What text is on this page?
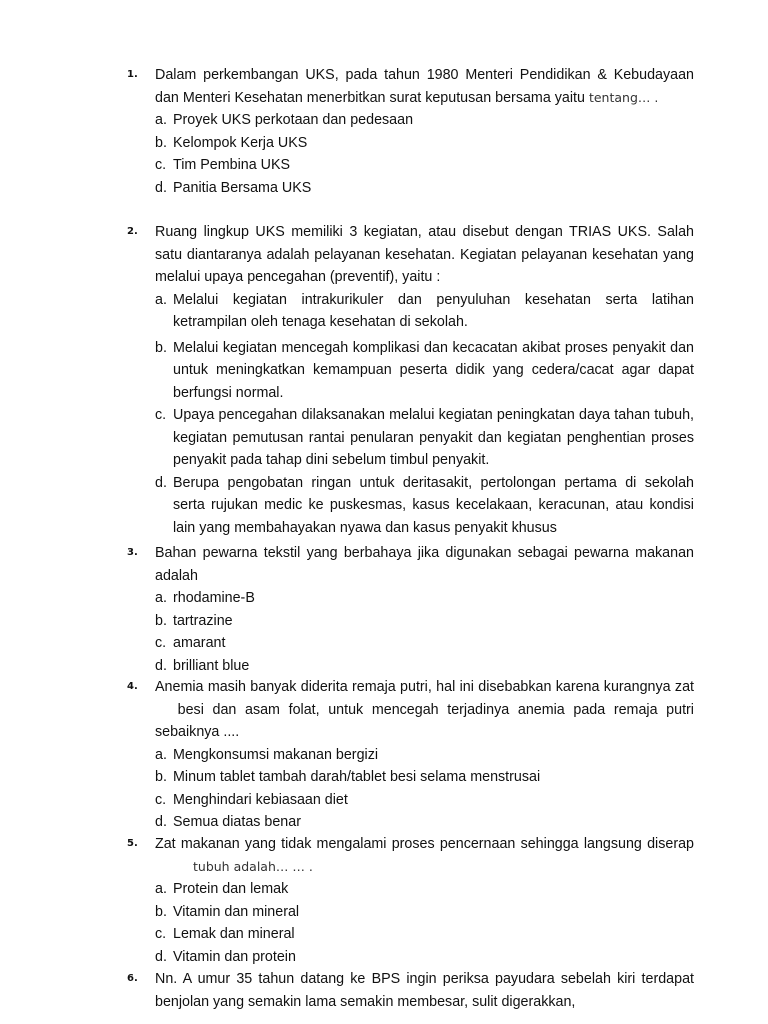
1. Dalam perkembangan UKS, pada tahun 1980 Menteri Pendidikan & Kebudayaan dan Menteri Kesehatan menerbitkan surat keputusan bersama yaitu tentang… .
a. Proyek UKS perkotaan dan pedesaan
b. Kelompok Kerja UKS
c. Tim Pembina UKS
d. Panitia Bersama UKS
2. Ruang lingkup UKS memiliki 3 kegiatan, atau disebut dengan TRIAS UKS. Salah satu diantaranya adalah pelayanan kesehatan. Kegiatan pelayanan kesehatan yang melalui upaya pencegahan (preventif), yaitu :
a. Melalui kegiatan intrakurikuler dan penyuluhan kesehatan serta latihan ketrampilan oleh tenaga kesehatan di sekolah.
b. Melalui kegiatan mencegah komplikasi dan kecacatan akibat proses penyakit dan untuk meningkatkan kemampuan peserta didik yang cedera/cacat agar dapat berfungsi normal.
c. Upaya pencegahan dilaksanakan melalui kegiatan peningkatan daya tahan tubuh, kegiatan pemutusan rantai penularan penyakit dan kegiatan penghentian proses penyakit pada tahap dini sebelum timbul penyakit.
d. Berupa pengobatan ringan untuk deritasakit, pertolongan pertama di sekolah serta rujukan medic ke puskesmas, kasus kecelakaan, keracunan, atau kondisi lain yang membahayakan nyawa dan kasus penyakit khusus
3. Bahan pewarna tekstil yang berbahaya jika digunakan sebagai pewarna makanan adalah
a. rhodamine-B
b. tartrazine
c. amarant
d. brilliant blue
4. Anemia masih banyak diderita remaja putri, hal ini disebabkan karena kurangnya zat besi dan asam folat, untuk mencegah terjadinya anemia pada remaja putri sebaiknya ....
a. Mengkonsumsi makanan bergizi
b. Minum tablet tambah darah/tablet besi selama menstrusai
c. Menghindari kebiasaan diet
d. Semua diatas benar
5. Zat makanan yang tidak mengalami proses pencernaan sehingga langsung diseraptubuh adalah… … .
a. Protein dan lemak
b. Vitamin dan mineral
c. Lemak dan mineral
d. Vitamin dan protein
6. Nn. A umur 35 tahun datang ke BPS ingin periksa payudara sebelah kiri terdapat benjolan yang semakin lama semakin membesar, sulit digerakkan,
